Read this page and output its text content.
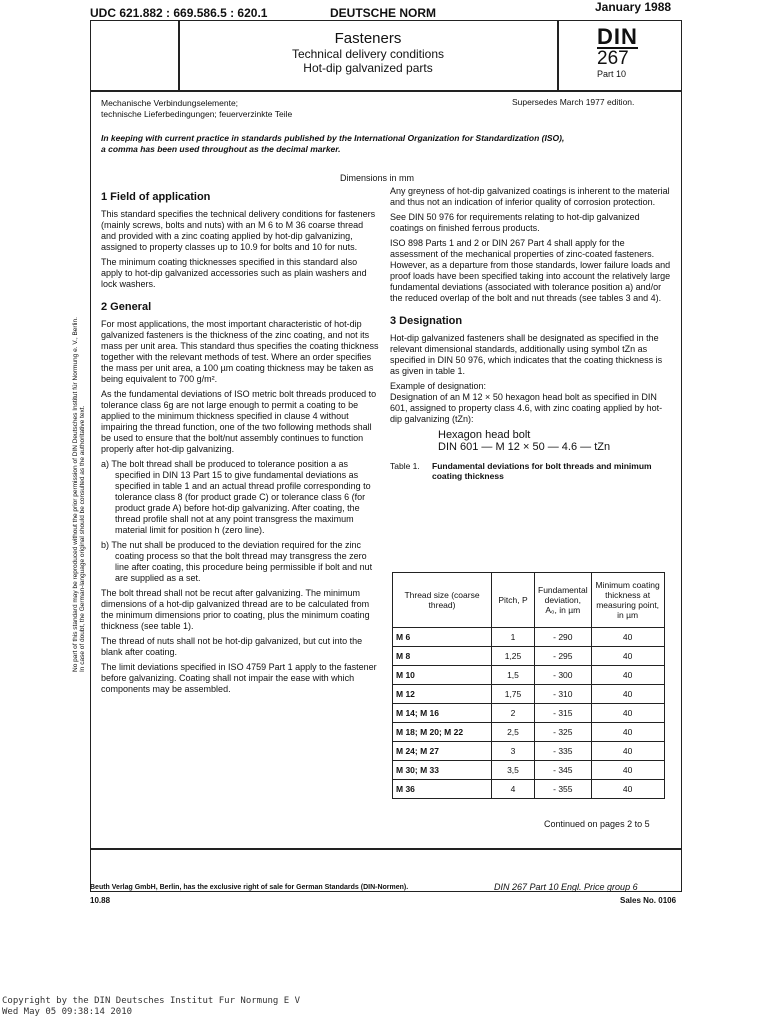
UDC 621.882 : 669.586.5 : 620.1	DEUTSCHE NORM	January 1988
Fasteners
Technical delivery conditions
Hot-dip galvanized parts
DIN
267
Part 10
Mechanische Verbindungselemente;
technische Lieferbedingungen; feuerverzinkte Teile
Supersedes March 1977 edition.
In keeping with current practice in standards published by the International Organization for Standardization (ISO),
a comma has been used throughout as the decimal marker.
Dimensions in mm
1 Field of application

This standard specifies the technical delivery conditions for fasteners (mainly screws, bolts and nuts) with an M 6 to M 36 coarse thread and provided with a zinc coating applied by hot-dip galvanizing, assigned to property classes up to 10.9 for bolts and 10 for nuts.

The minimum coating thicknesses specified in this standard also apply to hot-dip galvanized accessories such as plain washers and lock washers.

2 General

For most applications, the most important characteristic of hot-dip galvanized fasteners is the thickness of the zinc coating, and not its mass per unit area. This standard thus specifies the coating thickness together with the relevant methods of test. Where an order specifies the mass per unit area, a 100 µm coating thickness may be taken as being equivalent to 700 g/m².

As the fundamental deviations of ISO metric bolt threads produced to tolerance class 6g are not large enough to permit a coating to be applied to the minimum thickness specified in clause 4 without impairing the thread function, one of the two following methods shall be used to ensure that the bolt/nut assembly continues to function properly after hot-dip galvanizing.

a) The bolt thread shall be produced to tolerance position a as specified in DIN 13 Part 15 to give fundamental deviations as specified in table 1 and an actual thread profile corresponding to tolerance class 8 (for product grade C) or tolerance class 6 (for product grade A) before hot-dip galvanizing. After coating, the thread profile shall not at any point transgress the maximum material limit for position h (zero line).

b) The nut shall be produced to the deviation required for the zinc coating process so that the bolt thread may transgress the zero line after coating, this procedure being permissible if bolt and nut are supplied as a set.

The bolt thread shall not be recut after galvanizing. The minimum dimensions of a hot-dip galvanized thread are to be calculated from the minimum dimensions prior to coating, plus the minimum coating thickness (see table 1).

The thread of nuts shall not be hot-dip galvanized, but cut into the blank after coating.

The limit deviations specified in ISO 4759 Part 1 apply to the fastener before galvanizing. Coating shall not impair the ease with which components may be assembled.

Any greyness of hot-dip galvanized coatings is inherent to the material and thus not an indication of inferior quality of corrosion protection.

See DIN 50 976 for requirements relating to hot-dip galvanized coatings on finished ferrous products.

ISO 898 Parts 1 and 2 or DIN 267 Part 4 shall apply for the assessment of the mechanical properties of zinc-coated fasteners. However, as a departure from those standards, lower failure loads and proof loads have been specified taking into account the relatively large fundamental deviations (associated with tolerance position a) and/or the reduced overlap of the bolt and nut threads (see tables 3 and 4).

3 Designation

Hot-dip galvanized fasteners shall be designated as specified in the relevant dimensional standards, additionally using symbol tZn as specified in DIN 50 976, which indicates that the coating thickness is as given in table 1.

Example of designation:

Designation of an M 12 × 50 hexagon head bolt as specified in DIN 601, assigned to property class 4.6, with zinc coating applied by hot-dip galvanizing (tZn):

Hexagon head bolt
DIN 601 — M 12 × 50 — 4.6 — tZn
Table 1.	Fundamental deviations for bolt threads and minimum coating thickness
Thread size (coarse thread)	Pitch, P	Fundamental deviation, A₀, in µm	Minimum coating thickness at measuring point, in µm
M 6	1	- 290	40
M 8	1,25	- 295	40
M 10	1,5	- 300	40
M 12	1,75	- 310	40
M 14; M 16	2	- 315	40
M 18; M 20; M 22	2,5	- 325	40
M 24; M 27	3	- 335	40
M 30; M 33	3,5	- 345	40
M 36	4	- 355	40
Continued on pages 2 to 5
No part of this standard may be reproduced without the prior permission of DIN Deutsches Institut für Normung e. V., Berlin. In case of doubt, the German-language original should be consulted as the authoritative text.
Beuth Verlag GmbH, Berlin, has the exclusive right of sale for German Standards (DIN-Normen).
10.88
DIN 267 Part 10 Engl. Price group 6
Sales No. 0106
Copyright by the DIN Deutsches Institut Fur Normung E V
Wed May 05 09:38:14 2010
